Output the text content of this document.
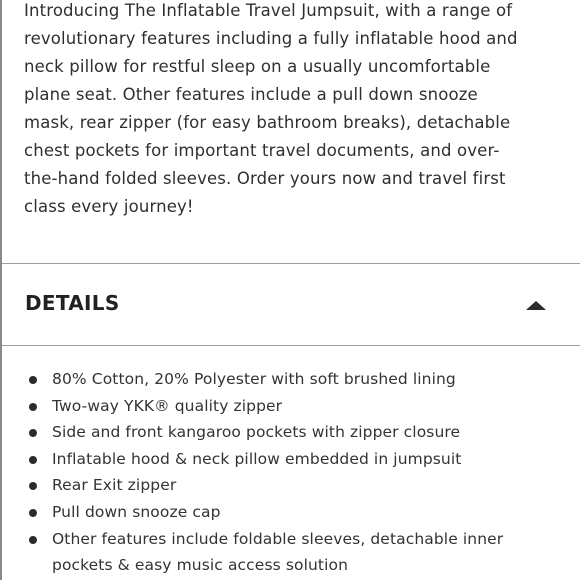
Introducing The Inflatable Travel Jumpsuit, with a range of
revolutionary features including a fully inflatable hood and
neck pillow for restful sleep on a usually uncomfortable
plane seat. Other features include a pull down snooze
mask, rear zipper (for easy bathroom breaks), detachable
chest pockets for important travel documents, and over-
the-hand folded sleeves. Order yours now and travel first
class every journey!

DETAILS
80% Cotton, 20% Polyester with soft brushed lining
Two-way YKK® quality zipper
Side and front kangaroo pockets with zipper closure
Inflatable hood & neck pillow embedded in jumpsuit
Rear Exit zipper
Pull down snooze cap
Other features include foldable sleeves, detachable inner pockets & easy music access solution
